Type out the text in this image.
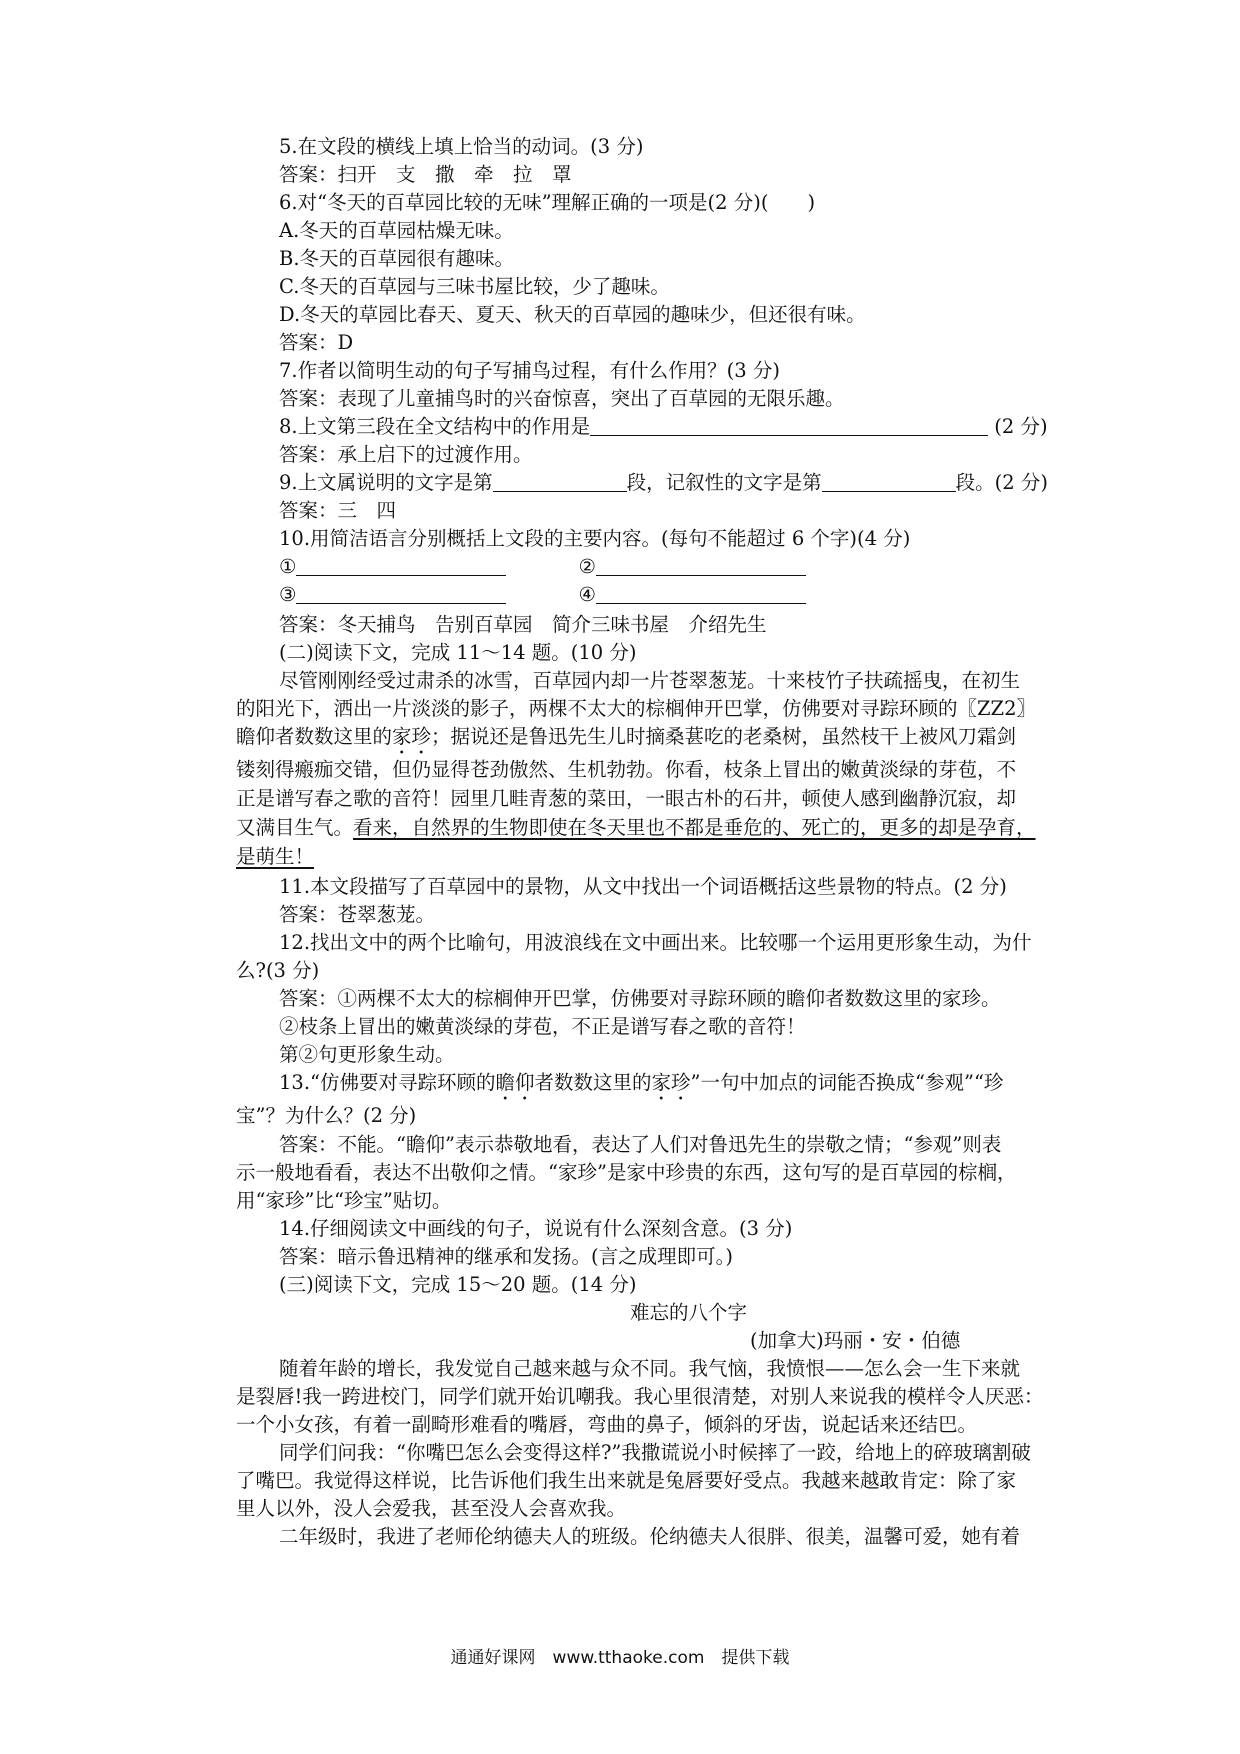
5.在文段的横线上填上恰当的动词。(3 分)
答案：扫开　支　撒　牵　拉　罩
6.对“冬天的百草园比较的无味”理解正确的一项是(2 分)(　　)
A.冬天的百草园枯燥无味。
B.冬天的百草园很有趣味。
C.冬天的百草园与三味书屋比较，少了趣味。
D.冬天的草园比春天、夏天、秋天的百草园的趣味少，但还很有味。
答案：D
7.作者以简明生动的句子写捕鸟过程，有什么作用？(3 分)
答案：表现了儿童捕鸟时的兴奋惊喜，突出了百草园的无限乐趣。
8.上文第三段在全文结构中的作用是	(2 分)
答案：承上启下的过渡作用。
9.上文属说明的文字是第	段，记叙性的文字是第	段。(2 分)
答案：三　四
10.用简洁语言分别概括上文段的主要内容。(每句不能超过 6 个字)(4 分)
①	②
③	④
答案：冬天捕鸟　告别百草园　简介三味书屋　介绍先生
(二)阅读下文，完成 11～14 题。(10 分)
尽管刚刚经受过肃杀的冰雪，百草园内却一片苍翠葱茏。十来枝竹子扶疏摇曳，在初生
的阳光下，洒出一片淡淡的影子，两棵不太大的棕榈伸开巴掌，仿佛要对寻踪环顾的〖ZZ2〗
瞻仰者数数这里的家珍；据说还是鲁迅先生儿时摘桑葚吃的老桑树，虽然枝干上被风刀霜剑
镂刻得瘢痂交错，但仍显得苍劲傲然、生机勃勃。你看，枝条上冒出的嫩黄淡绿的芽苞，不
正是谱写春之歌的音符！园里几畦青葱的菜田，一眼古朴的石井，顿使人感到幽静沉寂，却
又满目生气。看来，自然界的生物即使在冬天里也不都是垂危的、死亡的，更多的却是孕育，
是萌生！
11.本文段描写了百草园中的景物，从文中找出一个词语概括这些景物的特点。(2 分)
答案：苍翠葱茏。
12.找出文中的两个比喻句，用波浪线在文中画出来。比较哪一个运用更形象生动，为什
么?(3 分)
答案：①两棵不太大的棕榈伸开巴掌，仿佛要对寻踪环顾的瞻仰者数数这里的家珍。
②枝条上冒出的嫩黄淡绿的芽苞，不正是谱写春之歌的音符！
第②句更形象生动。
13.“仿佛要对寻踪环顾的瞻仰者数数这里的家珍”一句中加点的词能否换成“参观”“珍
宝”？为什么？(2 分)
答案：不能。“瞻仰”表示恭敬地看，表达了人们对鲁迅先生的崇敬之情；“参观”则表
示一般地看看，表达不出敬仰之情。“家珍”是家中珍贵的东西，这句写的是百草园的棕榈，
用“家珍”比“珍宝”贴切。
14.仔细阅读文中画线的句子，说说有什么深刻含意。(3 分)
答案：暗示鲁迅精神的继承和发扬。(言之成理即可。)
(三)阅读下文，完成 15～20 题。(14 分)
难忘的八个字
(加拿大)玛丽・安・伯德
随着年龄的增长，我发觉自己越来越与众不同。我气恼，我愤恨——怎么会一生下来就
是裂唇!我一跨进校门，同学们就开始讥嘲我。我心里很清楚，对别人来说我的模样令人厌恶：
一个小女孩，有着一副畸形难看的嘴唇，弯曲的鼻子，倾斜的牙齿，说起话来还结巴。
同学们问我：“你嘴巴怎么会变得这样?”我撒谎说小时候摔了一跤，给地上的碎玻璃割破
了嘴巴。我觉得这样说，比告诉他们我生出来就是兔唇要好受点。我越来越敢肯定：除了家
里人以外，没人会爱我，甚至没人会喜欢我。
二年级时，我进了老师伦纳德夫人的班级。伦纳德夫人很胖、很美，温馨可爱，她有着
通通好课网　www.tthaoke.com　提供下载
